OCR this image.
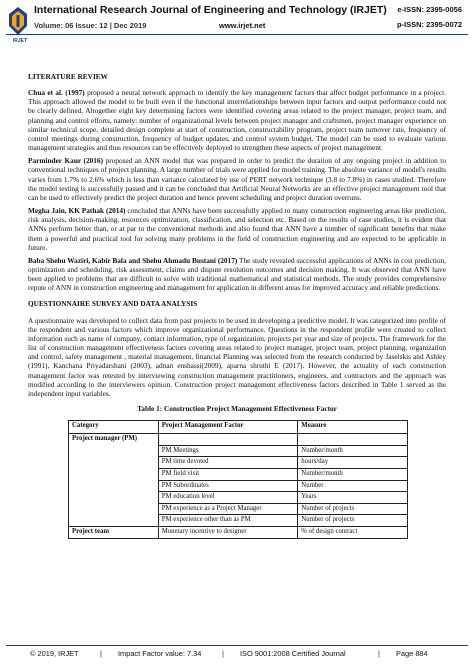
IRJET
International Research Journal of Engineering and Technology (IRJET) e-ISSN: 2395-0056
Volume: 06 Issue: 12 | Dec 2019	www.irjet.net	p-ISSN: 2395-0072
LITERATURE REVIEW

Chua et al. (1997) proposed a neural network approach to identify the key management factors that affect budget performance in a project. This approach allowed the model to be built even if the functional interrelationships between input factors and output performance could not be clearly defined. Altogether eight key determining factors were identified covering areas related to the project manager, project team, and planning and control efforts, namely: number of organizational levels between project manager and craftsmen, project manager experience on similar technical scope, detailed design complete at start of construction, constructability program, project team turnover rate, frequency of control meetings during construction, frequency of budget updates, and control system budget. The model can be used to evaluate various management strategies and thus resources can be effectively deployed to strengthen these aspects of project management.

Parminder Kaur (2016) proposed an ANN model that was prepared in order to predict the duration of any ongoing project in addition to conventional techniques of project planning. A large number of trials were applied for model training. The absolute variance of model's results varies from 1.7% to 2.6% which is less than variance calculated by use of PERT network technique (3.8 to 7.8%) in cases studied. Therefore the model testing is successfully passed and it can be concluded that Artificial Neural Networks are an effective project management tool that can be used to effectively predict the project duration and hence prevent scheduling and project duration overruns.

Megha Jain, KK Pathak (2014) concluded that ANNs have been successfully applied to many construction engineering areas like prediction, risk analysis, decision-making, resources optimization, classification, and selection etc. Based on the results of case studies, it is evident that ANNs perform better than, or at par to the conventional methods and also found that ANN have a number of significant benefits that make them a powerful and practical tool for solving many problems in the field of construction engineering and are expected to be applicable in future.

Baba Shehu Waziri, Kabir Bala and Shehu Ahmadu Bustani (2017) The study revealed successful applications of ANNs in cost prediction, optimization and scheduling, risk assessment, claims and dispute resolution outcomes and decision making. It was observed that ANN have been applied to problems that are difficult to solve with traditional mathematical and statistical methods. The study provides comprehensive repute of ANN in construction engineering and management for application in different areas for improved accuracy and reliable predictions.

QUESTIONNAIRE SURVEY AND DATA ANALYSIS

A questionnaire was developed to collect data from past projects to be used in developing a predictive model. It was categorized into profile of the respondent and various factors which improve organizational performance. Questions in the respondent profile were created to collect information such as name of company, contact information, type of organization, projects per year and size of projects. The framework for the list of construction management effectiveness factors covering areas related to project manager, project team, project planning, organization and control, safety management , material management, financial Planning was selected from the research conducted by Jaselskis and Ashley (1991), Kanchana Priyadarshani (2003), adnan enshassi(2009), aparna shruthi E (2017). However, the actuality of each construction management factor was retested by interviewing construction management practitioners, engineers, and contractors and the approach was modified according to the interviewers opinion. Construction project management effectiveness factors described in Table 1 served as the independent input variables.

Table 1: Construction Project Management Effectiveness Factor
Category	Project Management Factor	Measure
Project manager (PM)		
	PM Meetings	Number/month
	PM time devoted	hours/day
	PM field visit	Number/month
	PM Subordinates	Number
	PM education level	Years
	PM experience as a Project Manager	Number of projects
	PM experience other than as PM	Number of projects
Project team	Monetary incentive to designer	% of design contract
© 2019, IRJET	| Impact Factor value: 7.34	| ISO 9001:2008 Certified Journal	| Page 884
